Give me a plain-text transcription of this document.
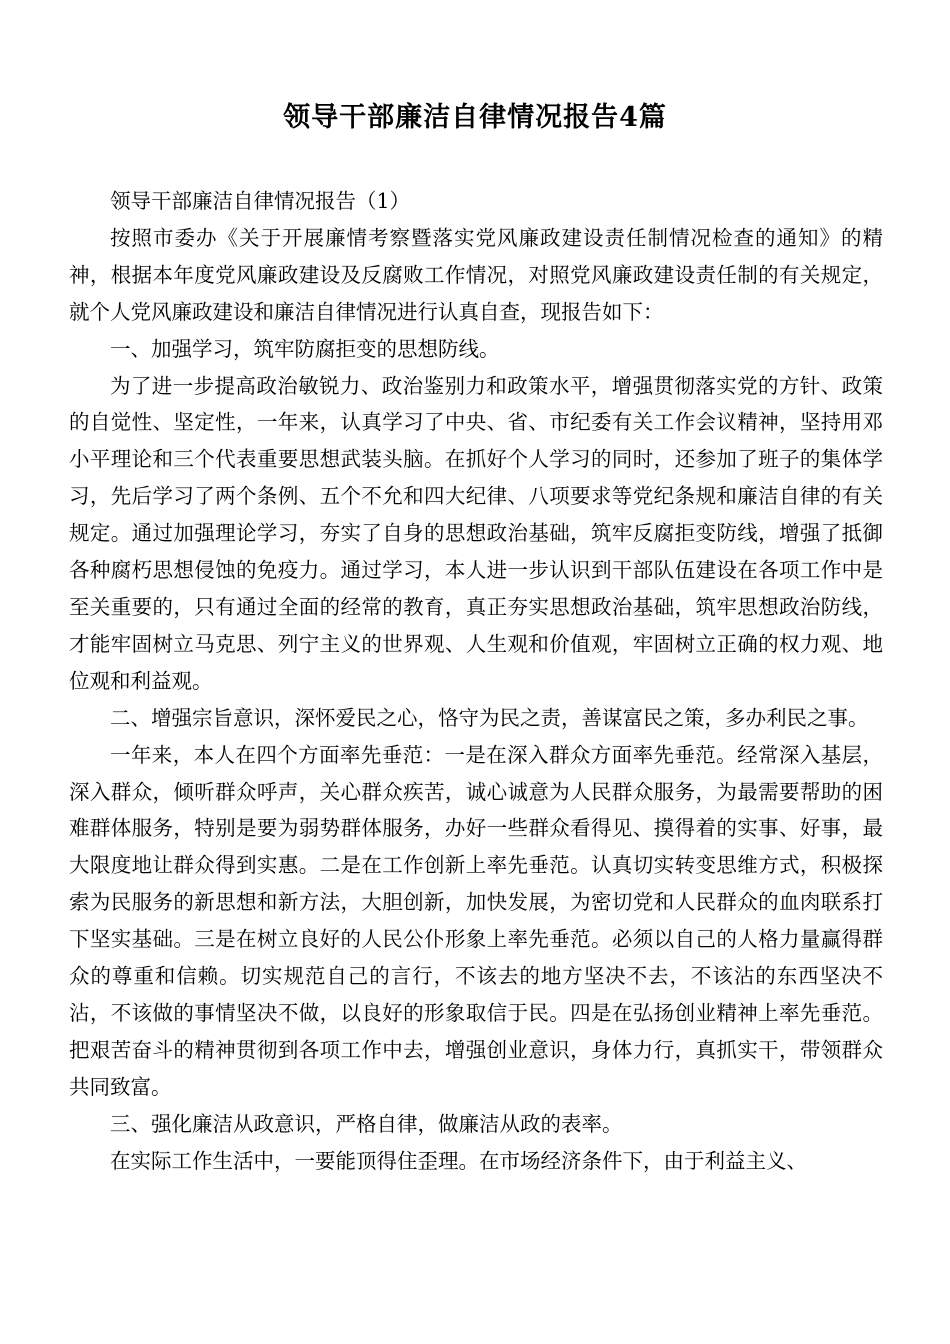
领导干部廉洁自律情况报告4篇

领导干部廉洁自律情况报告（1）

按照市委办《关于开展廉情考察暨落实党风廉政建设责任制情况检查的通知》的精神，根据本年度党风廉政建设及反腐败工作情况，对照党风廉政建设责任制的有关规定，就个人党风廉政建设和廉洁自律情况进行认真自查，现报告如下：

一、加强学习，筑牢防腐拒变的思想防线。

为了进一步提高政治敏锐力、政治鉴别力和政策水平，增强贯彻落实党的方针、政策的自觉性、坚定性，一年来，认真学习了中央、省、市纪委有关工作会议精神，坚持用邓小平理论和三个代表重要思想武装头脑。在抓好个人学习的同时，还参加了班子的集体学习，先后学习了两个条例、五个不允和四大纪律、八项要求等党纪条规和廉洁自律的有关规定。通过加强理论学习，夯实了自身的思想政治基础，筑牢反腐拒变防线，增强了抵御各种腐朽思想侵蚀的免疫力。通过学习，本人进一步认识到干部队伍建设在各项工作中是至关重要的，只有通过全面的经常的教育，真正夯实思想政治基础，筑牢思想政治防线，才能牢固树立马克思、列宁主义的世界观、人生观和价值观，牢固树立正确的权力观、地位观和利益观。

二、增强宗旨意识，深怀爱民之心，恪守为民之责，善谋富民之策，多办利民之事。

一年来，本人在四个方面率先垂范：一是在深入群众方面率先垂范。经常深入基层，深入群众，倾听群众呼声，关心群众疾苦，诚心诚意为人民群众服务，为最需要帮助的困难群体服务，特别是要为弱势群体服务，办好一些群众看得见、摸得着的实事、好事，最大限度地让群众得到实惠。二是在工作创新上率先垂范。认真切实转变思维方式，积极探索为民服务的新思想和新方法，大胆创新，加快发展，为密切党和人民群众的血肉联系打下坚实基础。三是在树立良好的人民公仆形象上率先垂范。必须以自己的人格力量赢得群众的尊重和信赖。切实规范自己的言行，不该去的地方坚决不去，不该沾的东西坚决不沾，不该做的事情坚决不做，以良好的形象取信于民。四是在弘扬创业精神上率先垂范。把艰苦奋斗的精神贯彻到各项工作中去，增强创业意识，身体力行，真抓实干，带领群众共同致富。

三、强化廉洁从政意识，严格自律，做廉洁从政的表率。

在实际工作生活中，一要能顶得住歪理。在市场经济条件下，由于利益主义、
